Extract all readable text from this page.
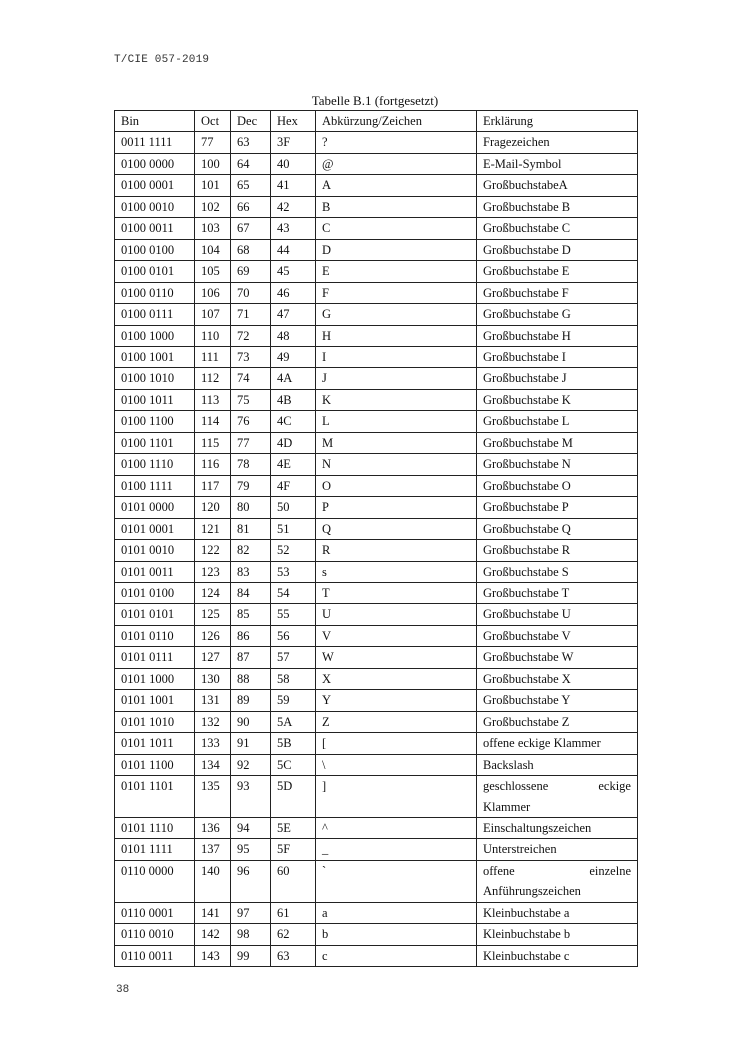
T/CIE 057-2019
Tabelle B.1 (fortgesetzt)
Bin	Oct	Dec	Hex	Abkürzung/Zeichen	Erklärung
0011 1111	77	63	3F	?	Fragezeichen
0100 0000	100	64	40	@	E-Mail-Symbol
0100 0001	101	65	41	A	GroßbuchstabeA
0100 0010	102	66	42	B	Großbuchstabe B
0100 0011	103	67	43	C	Großbuchstabe C
0100 0100	104	68	44	D	Großbuchstabe D
0100 0101	105	69	45	E	Großbuchstabe E
0100 0110	106	70	46	F	Großbuchstabe F
0100 0111	107	71	47	G	Großbuchstabe G
0100 1000	110	72	48	H	Großbuchstabe H
0100 1001	111	73	49	I	Großbuchstabe I
0100 1010	112	74	4A	J	Großbuchstabe J
0100 1011	113	75	4B	K	Großbuchstabe K
0100 1100	114	76	4C	L	Großbuchstabe L
0100 1101	115	77	4D	M	Großbuchstabe M
0100 1110	116	78	4E	N	Großbuchstabe N
0100 1111	117	79	4F	O	Großbuchstabe O
0101 0000	120	80	50	P	Großbuchstabe P
0101 0001	121	81	51	Q	Großbuchstabe Q
0101 0010	122	82	52	R	Großbuchstabe R
0101 0011	123	83	53	s	Großbuchstabe S
0101 0100	124	84	54	T	Großbuchstabe T
0101 0101	125	85	55	U	Großbuchstabe U
0101 0110	126	86	56	V	Großbuchstabe V
0101 0111	127	87	57	W	Großbuchstabe W
0101 1000	130	88	58	X	Großbuchstabe X
0101 1001	131	89	59	Y	Großbuchstabe Y
0101 1010	132	90	5A	Z	Großbuchstabe Z
0101 1011	133	91	5B	[	offene eckige Klammer
0101 1100	134	92	5C	\	Backslash
0101 1101	135	93	5D	]	geschlossene eckige
Klammer
0101 1110	136	94	5E	^	Einschaltungszeichen
0101 1111	137	95	5F	_	Unterstreichen
0110 0000	140	96	60	`	offene einzelne
Anführungszeichen
0110 0001	141	97	61	a	Kleinbuchstabe a
0110 0010	142	98	62	b	Kleinbuchstabe b
0110 0011	143	99	63	c	Kleinbuchstabe c
38
